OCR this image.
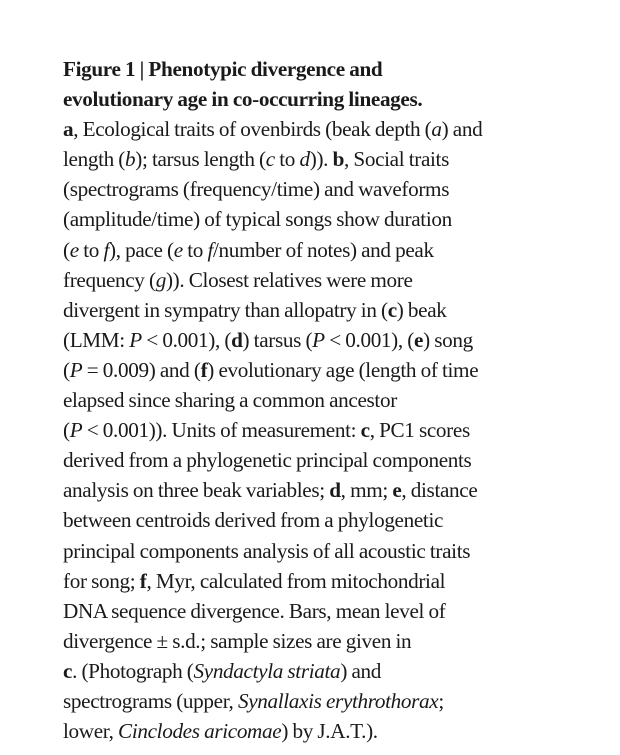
Figure 1 | Phenotypic divergence and
evolutionary age in co-occurring lineages.
a, Ecological traits of ovenbirds (beak depth (a) and
length (b); tarsus length (c to d)). b, Social traits
(spectrograms (frequency/time) and waveforms
(amplitude/time) of typical songs show duration
(e to f), pace (e to f/number of notes) and peak
frequency (g)). Closest relatives were more
divergent in sympatry than allopatry in (c) beak
(LMM: P < 0.001), (d) tarsus (P < 0.001), (e) song
(P = 0.009) and (f) evolutionary age (length of time
elapsed since sharing a common ancestor
(P < 0.001)). Units of measurement: c, PC1 scores
derived from a phylogenetic principal components
analysis on three beak variables; d, mm; e, distance
between centroids derived from a phylogenetic
principal components analysis of all acoustic traits
for song; f, Myr, calculated from mitochondrial
DNA sequence divergence. Bars, mean level of
divergence ± s.d.; sample sizes are given in
c. (Photograph (Syndactyla striata) and
spectrograms (upper, Synallaxis erythrothorax;
lower, Cinclodes aricomae) by J.A.T.).
